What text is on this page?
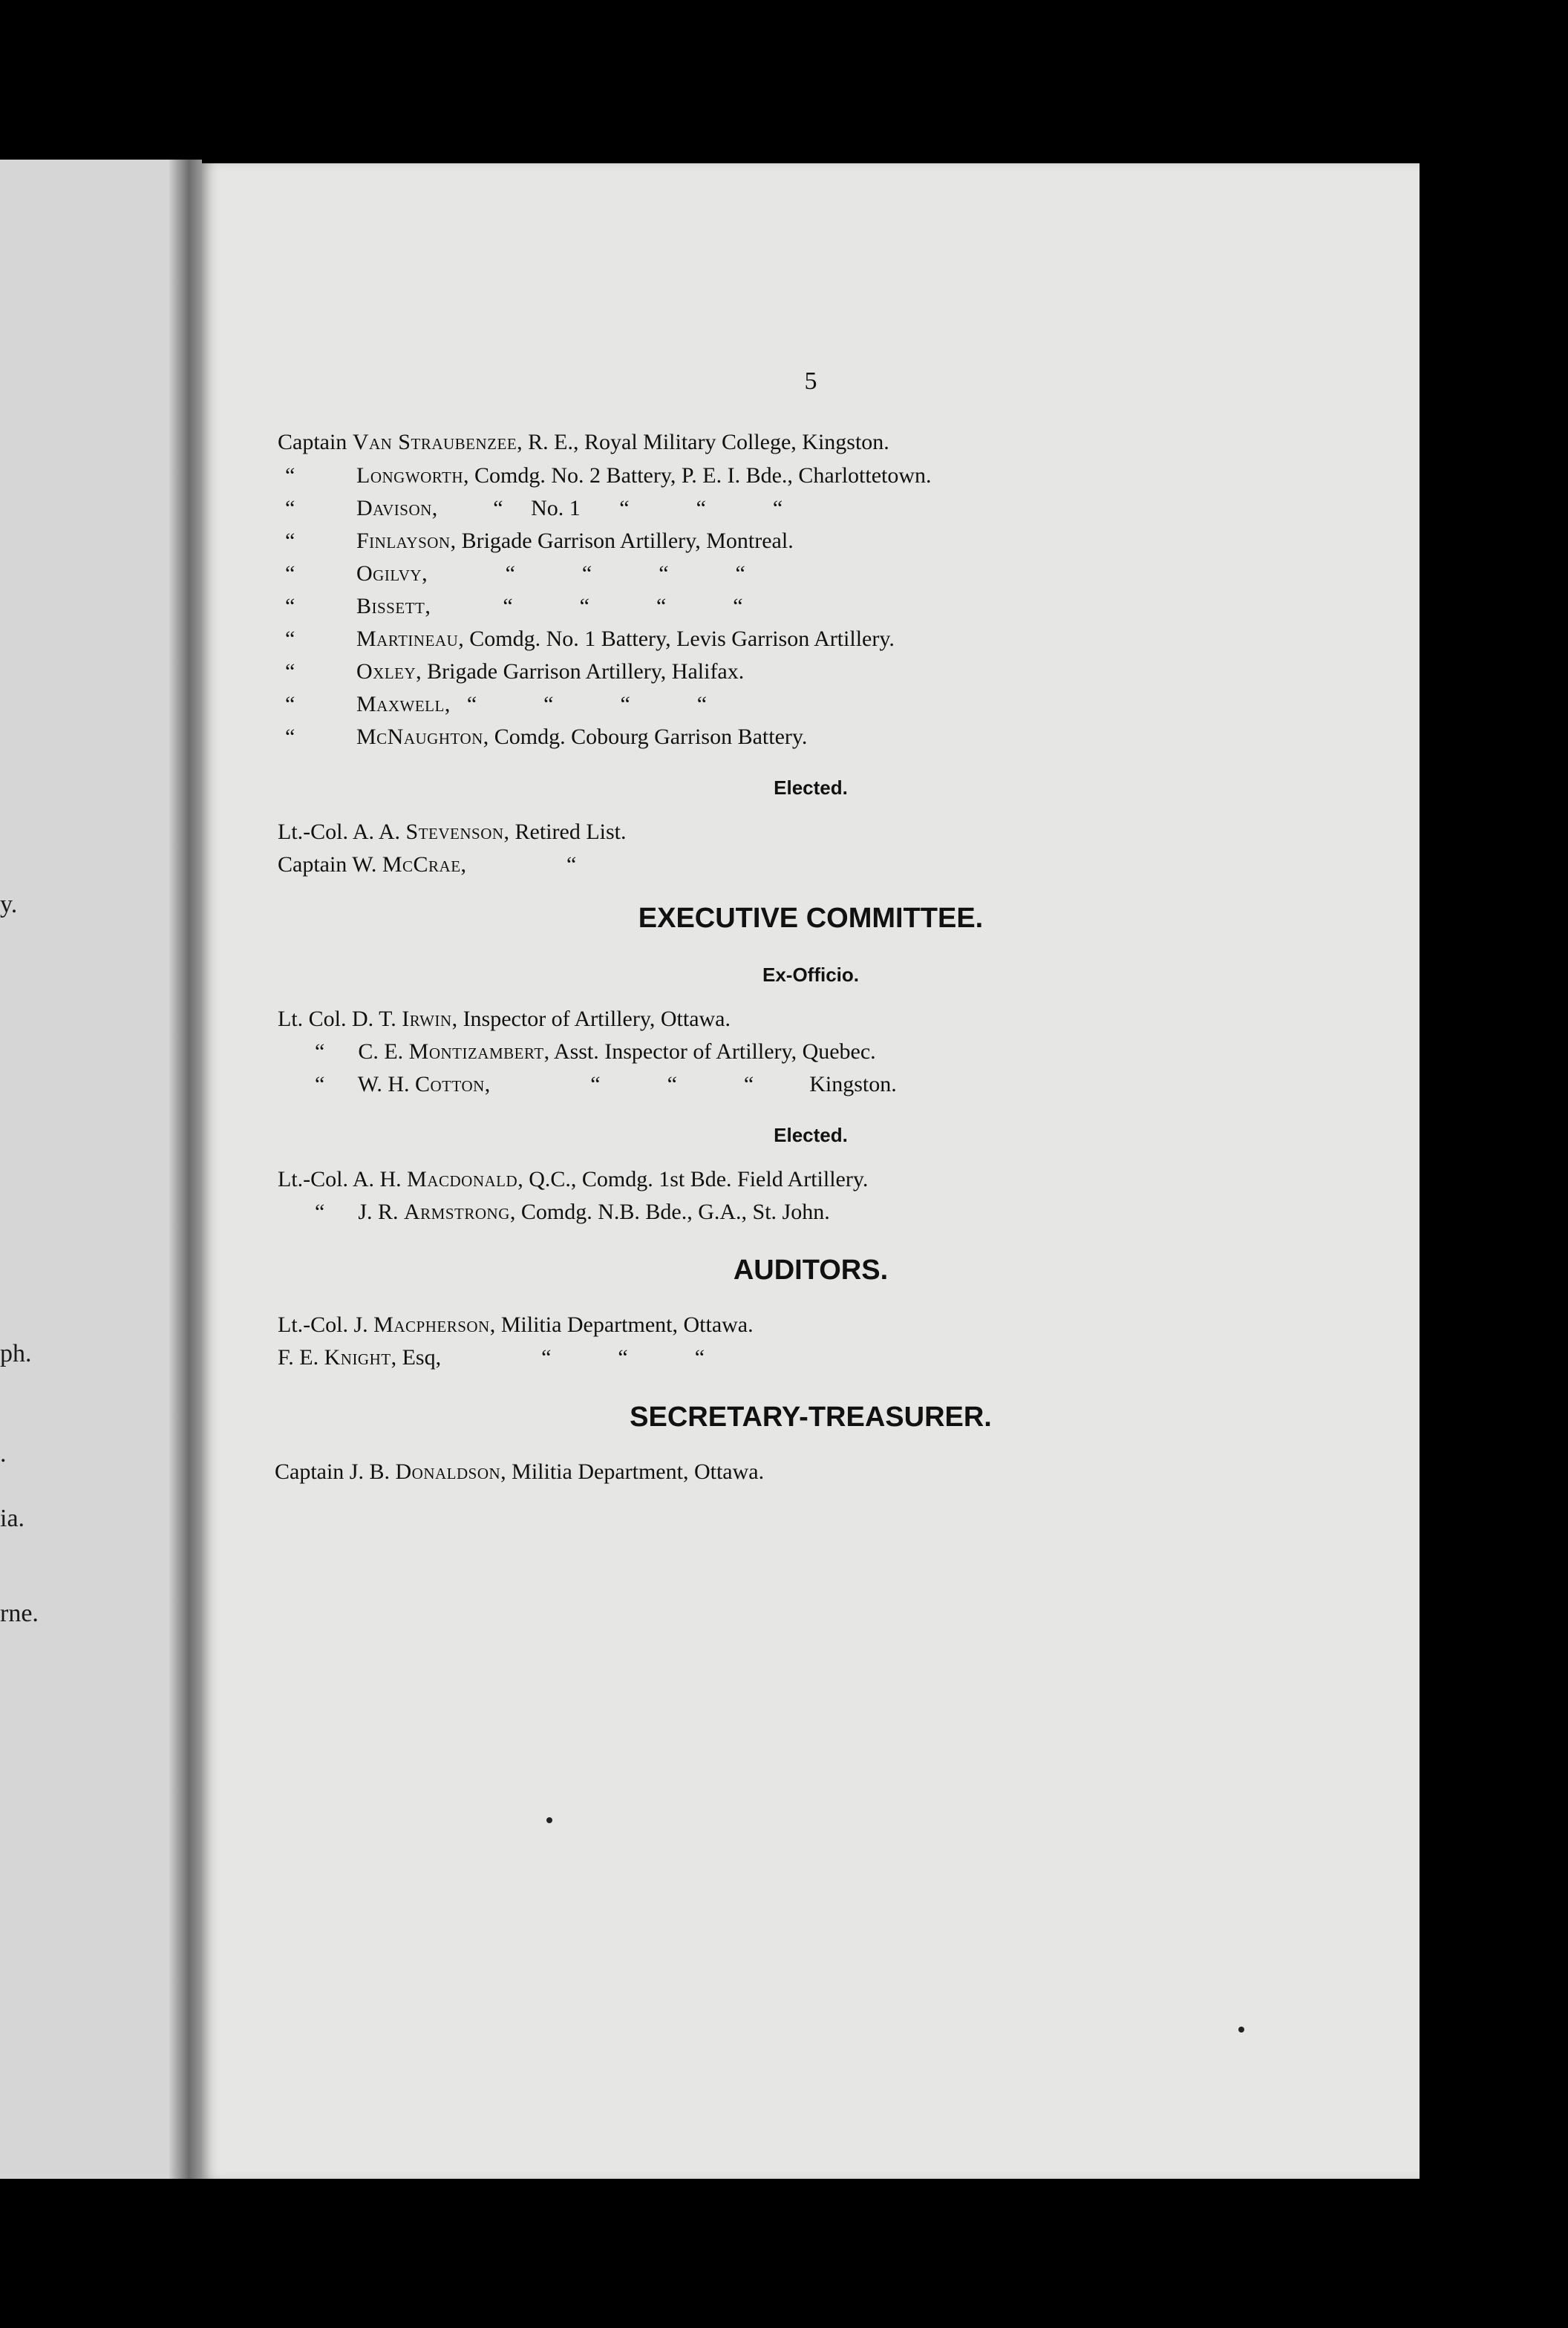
y.
ph.
.
ia.
rne.
5
Captain Van Straubenzee, R. E., Royal Military College, Kingston.
“	Longworth, Comdg. No. 2 Battery, P. E. I. Bde., Charlottetown.
“	Davison,          “     No. 1       “            “            “
“	Finlayson, Brigade Garrison Artillery, Montreal.
“	Ogilvy,              “            “            “            “
“	Bissett,             “            “            “            “
“	Martineau, Comdg. No. 1 Battery, Levis Garrison Artillery.
“	Oxley, Brigade Garrison Artillery, Halifax.
“	Maxwell,   “            “            “            “
“	McNaughton, Comdg. Cobourg Garrison Battery.
Elected.
Lt.-Col. A. A. Stevenson, Retired List.
Captain W. McCrae,                  “
EXECUTIVE COMMITTEE.
Ex-Officio.
Lt. Col. D. T. Irwin, Inspector of Artillery, Ottawa.
“      C. E. Montizambert, Asst. Inspector of Artillery, Quebec.
“      W. H. Cotton,                  “            “            “          Kingston.
Elected.
Lt.-Col. A. H. Macdonald, Q.C., Comdg. 1st Bde. Field Artillery.
“      J. R. Armstrong, Comdg. N.B. Bde., G.A., St. John.
AUDITORS.
Lt.-Col. J. Macpherson, Militia Department, Ottawa.
F. E. Knight, Esq,                  “            “            “
SECRETARY-TREASURER.
Captain J. B. Donaldson, Militia Department, Ottawa.
